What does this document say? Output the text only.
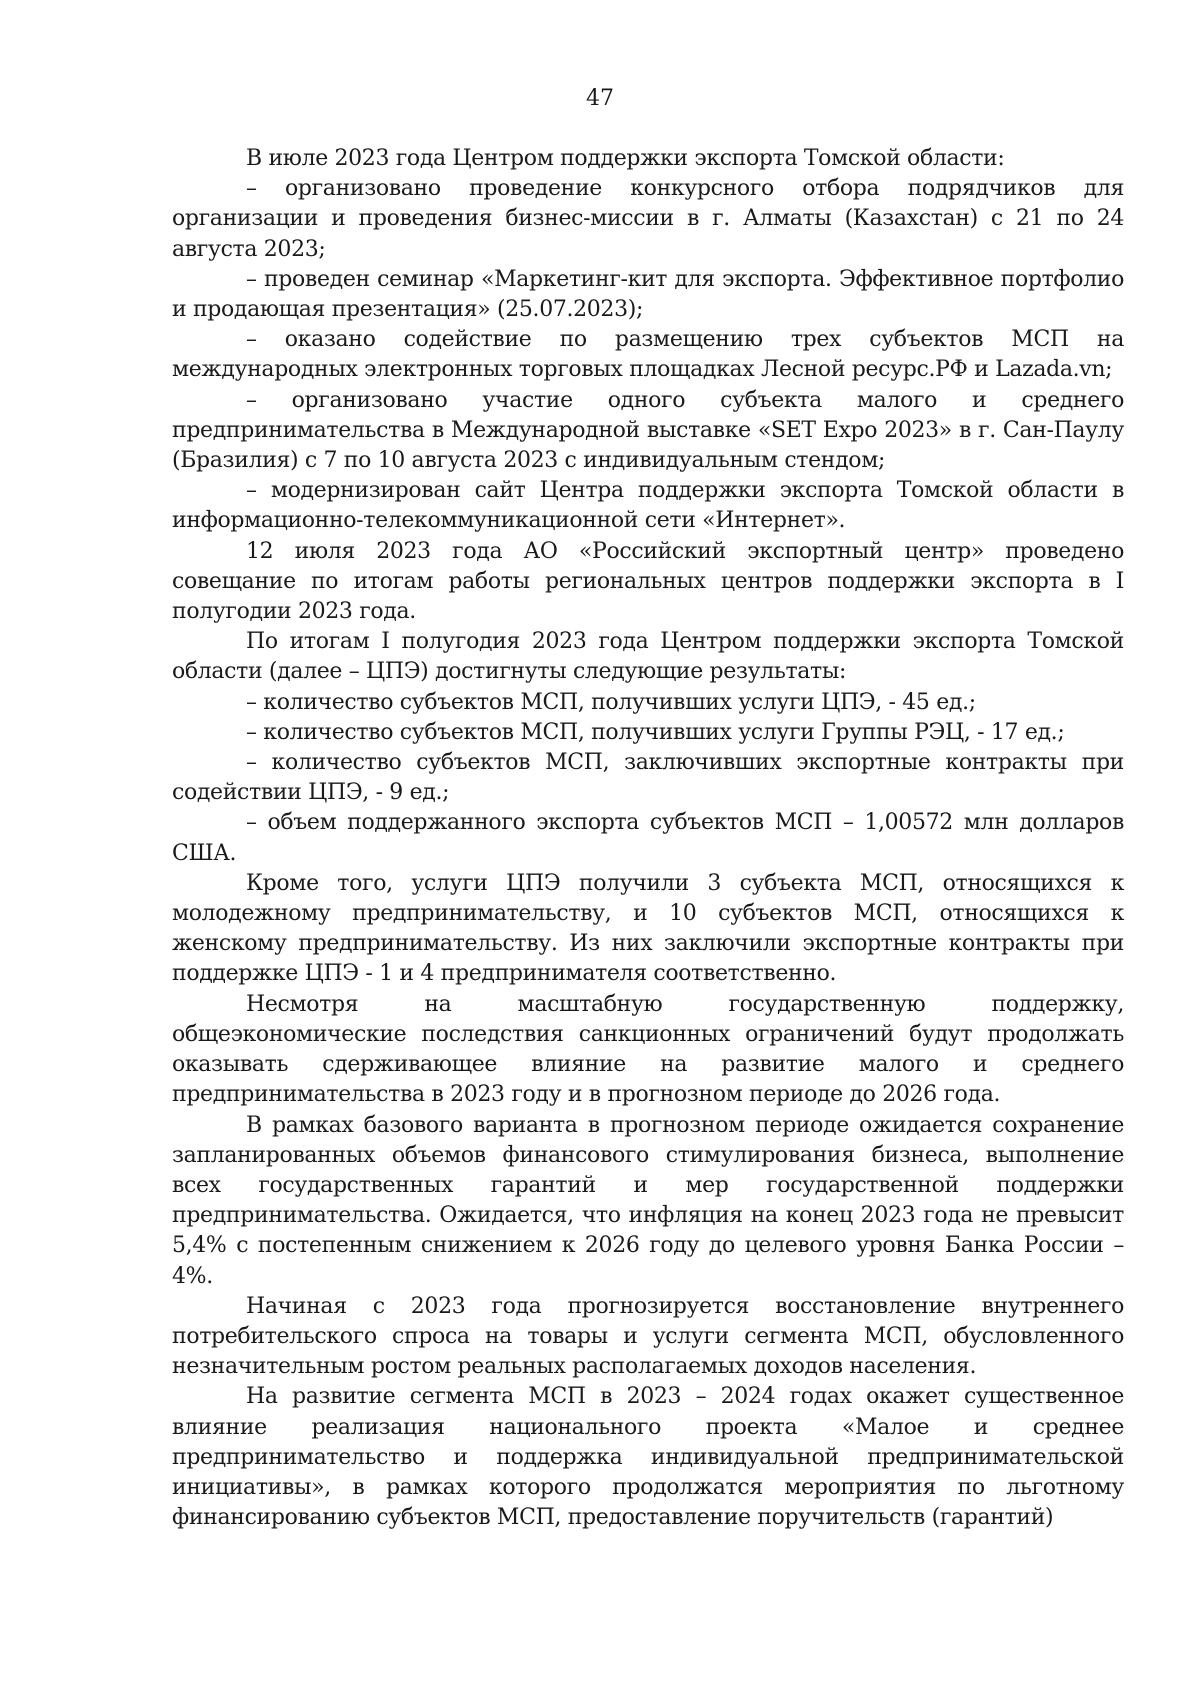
47

В июле 2023 года Центром поддержки экспорта Томской области:

– организовано проведение конкурсного отбора подрядчиков для организации и проведения бизнес-миссии в г. Алматы (Казахстан) с 21 по 24 августа 2023;

– проведен семинар «Маркетинг-кит для экспорта. Эффективное портфолио и продающая презентация» (25.07.2023);

– оказано содействие по размещению трех субъектов МСП на международных электронных торговых площадках Лесной ресурс.РФ и Lazada.vn;

– организовано участие одного субъекта малого и среднего предпринимательства в Международной выставке «SET Expo 2023» в г. Сан-Паулу (Бразилия) с 7 по 10 августа 2023 с индивидуальным стендом;

– модернизирован сайт Центра поддержки экспорта Томской области в информационно-телекоммуникационной сети «Интернет».

12 июля 2023 года АО «Российский экспортный центр» проведено совещание по итогам работы региональных центров поддержки экспорта в I полугодии 2023 года.

По итогам I полугодия 2023 года Центром поддержки экспорта Томской области (далее – ЦПЭ) достигнуты следующие результаты:

– количество субъектов МСП, получивших услуги ЦПЭ, - 45 ед.;

– количество субъектов МСП, получивших услуги Группы РЭЦ, - 17 ед.;

– количество субъектов МСП, заключивших экспортные контракты при содействии ЦПЭ, - 9 ед.;

– объем поддержанного экспорта субъектов МСП – 1,00572 млн долларов США.

Кроме того, услуги ЦПЭ получили 3 субъекта МСП, относящихся к молодежному предпринимательству, и 10 субъектов МСП, относящихся к женскому предпринимательству. Из них заключили экспортные контракты при поддержке ЦПЭ - 1 и 4 предпринимателя соответственно.

Несмотря на масштабную государственную поддержку, общеэкономические последствия санкционных ограничений будут продолжать оказывать сдерживающее влияние на развитие малого и среднего предпринимательства в 2023 году и в прогнозном периоде до 2026 года.

В рамках базового варианта в прогнозном периоде ожидается сохранение запланированных объемов финансового стимулирования бизнеса, выполнение всех государственных гарантий и мер государственной поддержки предпринимательства. Ожидается, что инфляция на конец 2023 года не превысит 5,4% с постепенным снижением к 2026 году до целевого уровня Банка России – 4%.

Начиная с 2023 года прогнозируется восстановление внутреннего потребительского спроса на товары и услуги сегмента МСП, обусловленного незначительным ростом реальных располагаемых доходов населения.

На развитие сегмента МСП в 2023 – 2024 годах окажет существенное влияние реализация национального проекта «Малое и среднее предпринимательство и поддержка индивидуальной предпринимательской инициативы», в рамках которого продолжатся мероприятия по льготному финансированию субъектов МСП, предоставление поручительств (гарантий)
